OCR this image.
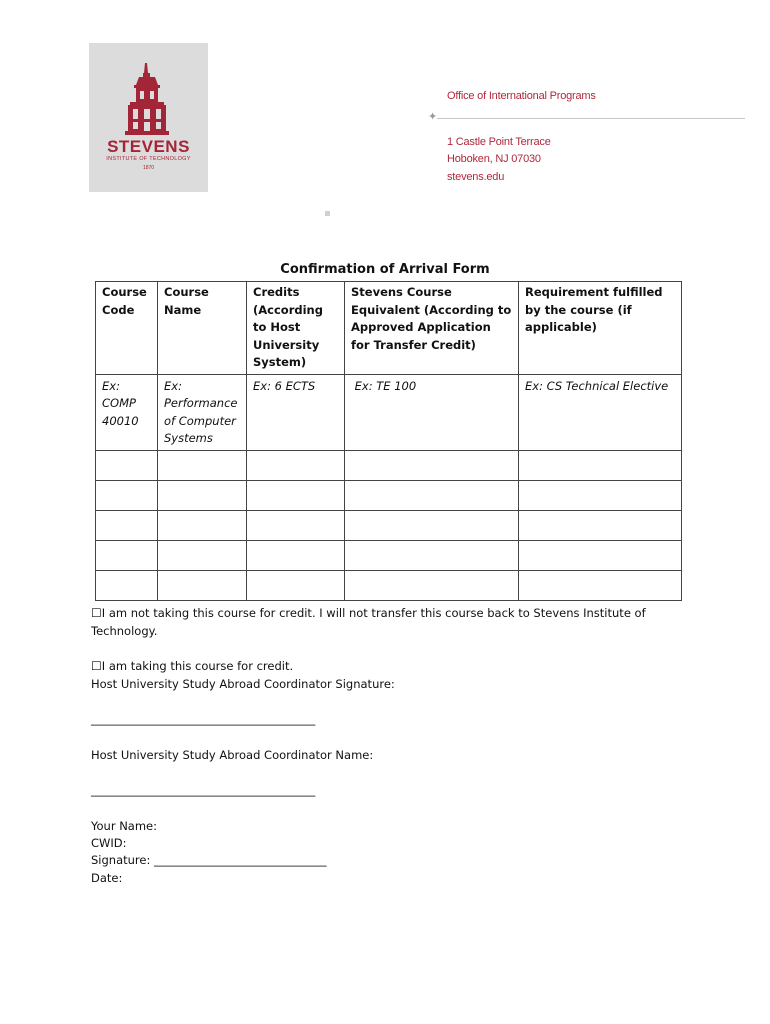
STEVENS
INSTITUTE OF TECHNOLOGY
1870
Office of International Programs
1 Castle Point Terrace
Hoboken, NJ 07030
stevens.edu
✦
Confirmation of Arrival Form
Course Code	Course Name	Credits (According to Host University System)	Stevens Course Equivalent (According to Approved Application for Transfer Credit)	Requirement fulfilled by the course (if applicable)
Ex: COMP 40010	Ex: Performance of Computer Systems	Ex: 6 ECTS	Ex: TE 100	Ex: CS Technical Elective

☐I am not taking this course for credit. I will not transfer this course back to Stevens Institute of
Technology.
☐I am taking this course for credit.
Host University Study Abroad Coordinator Signature:
_______________________________________
Host University Study Abroad Coordinator Name:
_______________________________________
Your Name:
CWID:
Signature: ______________________________
Date:
